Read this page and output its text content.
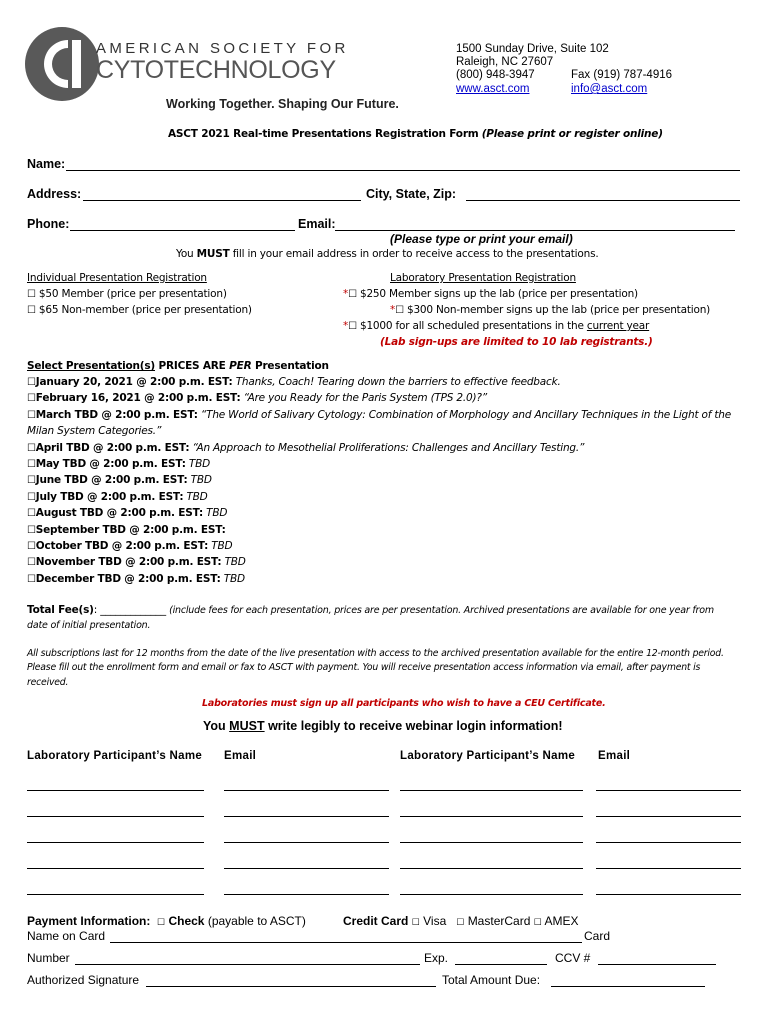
AMERICAN SOCIETY FOR
CYTOTECHNOLOGY
Working Together. Shaping Our Future.
1500 Sunday Drive, Suite 102
Raleigh, NC 27607
(800) 948-3947	Fax (919) 787-4916
www.asct.com	info@asct.com
ASCT 2021 Real-time Presentations Registration Form (Please print or register online)
Name:
Address:	City, State, Zip:
Phone:	Email:
(Please type or print your email)
You MUST fill in your email address in order to receive access to the presentations.
Individual Presentation Registration
☐ $50 Member (price per presentation)
☐ $65 Non-member (price per presentation)
Laboratory Presentation Registration
*☐ $250 Member signs up the lab (price per presentation)
*☐ $300 Non-member signs up the lab (price per presentation)
*☐ $1000 for all scheduled presentations in the current year
(Lab sign-ups are limited to 10 lab registrants.)
Select Presentation(s) PRICES ARE PER Presentation
☐January 20, 2021 @ 2:00 p.m. EST: Thanks, Coach! Tearing down the barriers to effective feedback.
☐February 16, 2021 @ 2:00 p.m. EST: “Are you Ready for the Paris System (TPS 2.0)?”
☐March TBD @ 2:00 p.m. EST: “The World of Salivary Cytology: Combination of Morphology and Ancillary Techniques in the Light of the
Milan System Categories.”
☐April TBD @ 2:00 p.m. EST: “An Approach to Mesothelial Proliferations: Challenges and Ancillary Testing.”
☐May TBD @ 2:00 p.m. EST: TBD
☐June TBD @ 2:00 p.m. EST: TBD
☐July TBD @ 2:00 p.m. EST: TBD
☐August TBD @ 2:00 p.m. EST: TBD
☐September TBD @ 2:00 p.m. EST:
☐October TBD @ 2:00 p.m. EST: TBD
☐November TBD @ 2:00 p.m. EST: TBD
☐December TBD @ 2:00 p.m. EST: TBD
Total Fee(s): _____________ (include fees for each presentation, prices are per presentation. Archived presentations are available for one year from
date of initial presentation.
All subscriptions last for 12 months from the date of the live presentation with access to the archived presentation available for the entire 12-month period.
Please fill out the enrollment form and email or fax to ASCT with payment. You will receive presentation access information via email, after payment is
received.
Laboratories must sign up all participants who wish to have a CEU Certificate.
You MUST write legibly to receive webinar login information!
Laboratory Participant’s Name Email	Laboratory Participant’s Name Email
Payment Information: ☐ Check (payable to ASCT)	Credit Card ☐ Visa ☐ MasterCard ☐ AMEX
Name on Card	Card
Number	Exp.	CCV #
Authorized Signature	Total Amount Due:
